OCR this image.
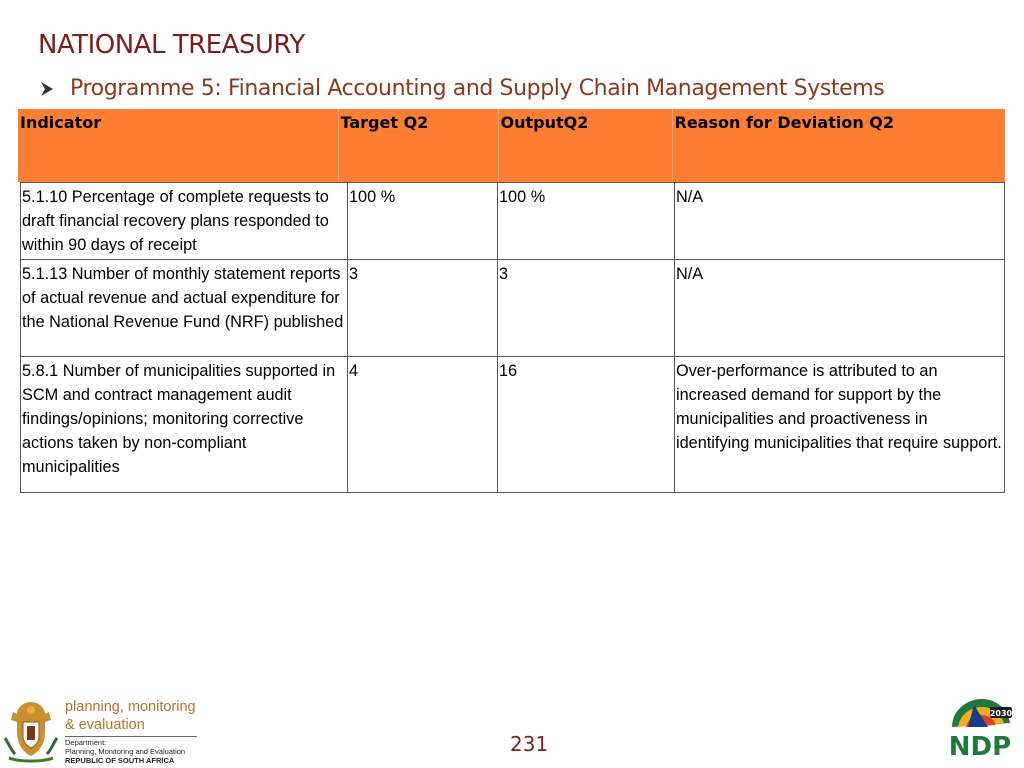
NATIONAL TREASURY
Programme 5: Financial Accounting and Supply Chain Management Systems
Indicator	Target Q2	OutputQ2	Reason for Deviation Q2
5.1.10 Percentage of complete requests to draft financial recovery plans responded to within 90 days of receipt	100 %	100 %	N/A
5.1.13 Number of monthly statement reports of actual revenue and actual expenditure for the National Revenue Fund (NRF) published	3	3	N/A
5.8.1 Number of municipalities supported in SCM and contract management audit findings/opinions; monitoring corrective actions taken by non-compliant municipalities	4	16	Over-performance is attributed to an increased demand for support by the municipalities and proactiveness in identifying municipalities that require support.
planning, monitoring
& evaluation
Department:
Planning, Monitoring and Evaluation
REPUBLIC OF SOUTH AFRICA
231
2030
NDP
